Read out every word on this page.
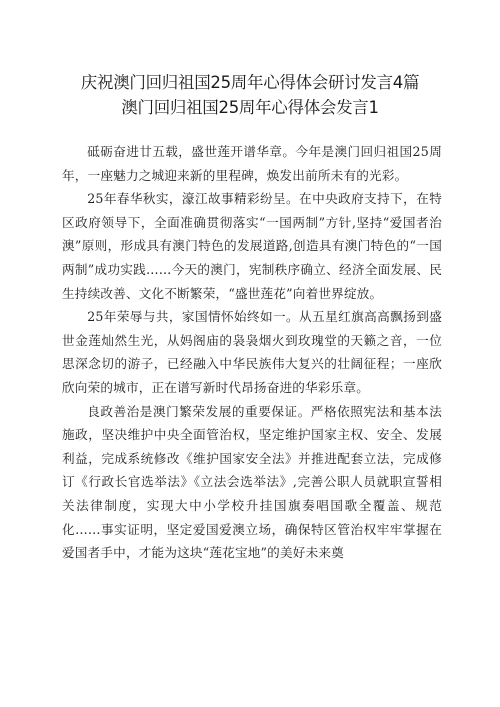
庆祝澳门回归祖国25周年心得体会研讨发言4篇
澳门回归祖国25周年心得体会发言1

砥砺奋进廿五载，盛世莲开谱华章。今年是澳门回归祖国25周年，一座魅力之城迎来新的里程碑，焕发出前所未有的光彩。

25年春华秋实，濠江故事精彩纷呈。在中央政府支持下，在特区政府领导下，全面准确贯彻落实“一国两制”方针,坚持“爱国者治澳”原则，形成具有澳门特色的发展道路,创造具有澳门特色的“一国两制”成功实践……今天的澳门，宪制秩序确立、经济全面发展、民生持续改善、文化不断繁荣，“盛世莲花”向着世界绽放。

25年荣辱与共，家国情怀始终如一。从五星红旗高高飘扬到盛世金莲灿然生光，从妈阁庙的袅袅烟火到玫瑰堂的天籁之音，一位思深念切的游子，已经融入中华民族伟大复兴的壮阔征程；一座欣欣向荣的城市，正在谱写新时代昂扬奋进的华彩乐章。

良政善治是澳门繁荣发展的重要保证。严格依照宪法和基本法施政，坚决维护中央全面管治权，坚定维护国家主权、安全、发展利益，完成系统修改《维护国家安全法》并推进配套立法，完成修订《行政长官选举法》《立法会选举法》,完善公职人员就职宣誓相关法律制度，实现大中小学校升挂国旗奏唱国歌全覆盖、规范化……事实证明，坚定爱国爱澳立场，确保特区管治权牢牢掌握在爱国者手中，才能为这块“莲花宝地”的美好未来奠
